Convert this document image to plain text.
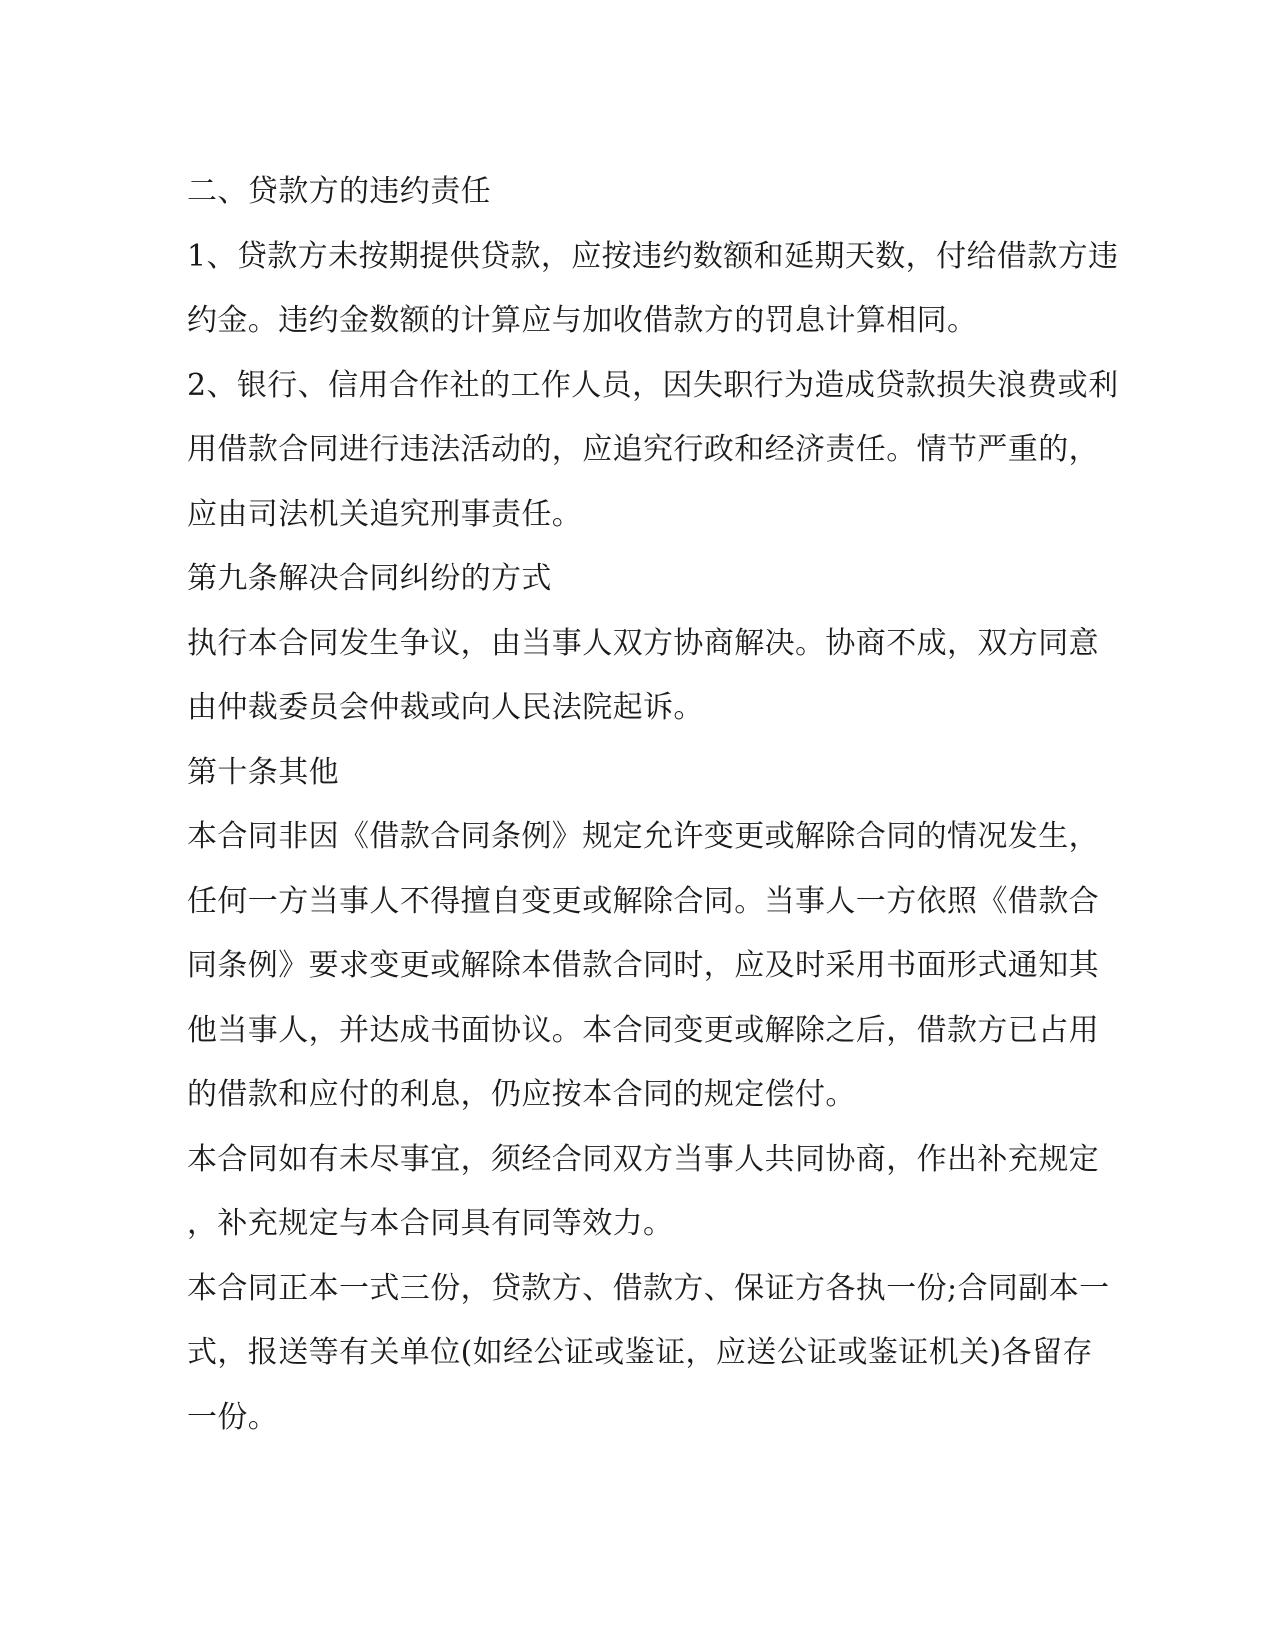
二、贷款方的违约责任
1、贷款方未按期提供贷款，应按违约数额和延期天数，付给借款方违
约金。违约金数额的计算应与加收借款方的罚息计算相同。
2、银行、信用合作社的工作人员，因失职行为造成贷款损失浪费或利
用借款合同进行违法活动的，应追究行政和经济责任。情节严重的，
应由司法机关追究刑事责任。
第九条解决合同纠纷的方式
执行本合同发生争议，由当事人双方协商解决。协商不成，双方同意
由仲裁委员会仲裁或向人民法院起诉。
第十条其他
本合同非因《借款合同条例》规定允许变更或解除合同的情况发生，
任何一方当事人不得擅自变更或解除合同。当事人一方依照《借款合
同条例》要求变更或解除本借款合同时，应及时采用书面形式通知其
他当事人，并达成书面协议。本合同变更或解除之后，借款方已占用
的借款和应付的利息，仍应按本合同的规定偿付。
本合同如有未尽事宜，须经合同双方当事人共同协商，作出补充规定
，补充规定与本合同具有同等效力。
本合同正本一式三份，贷款方、借款方、保证方各执一份;合同副本一
式，报送等有关单位(如经公证或鉴证，应送公证或鉴证机关)各留存
一份。
